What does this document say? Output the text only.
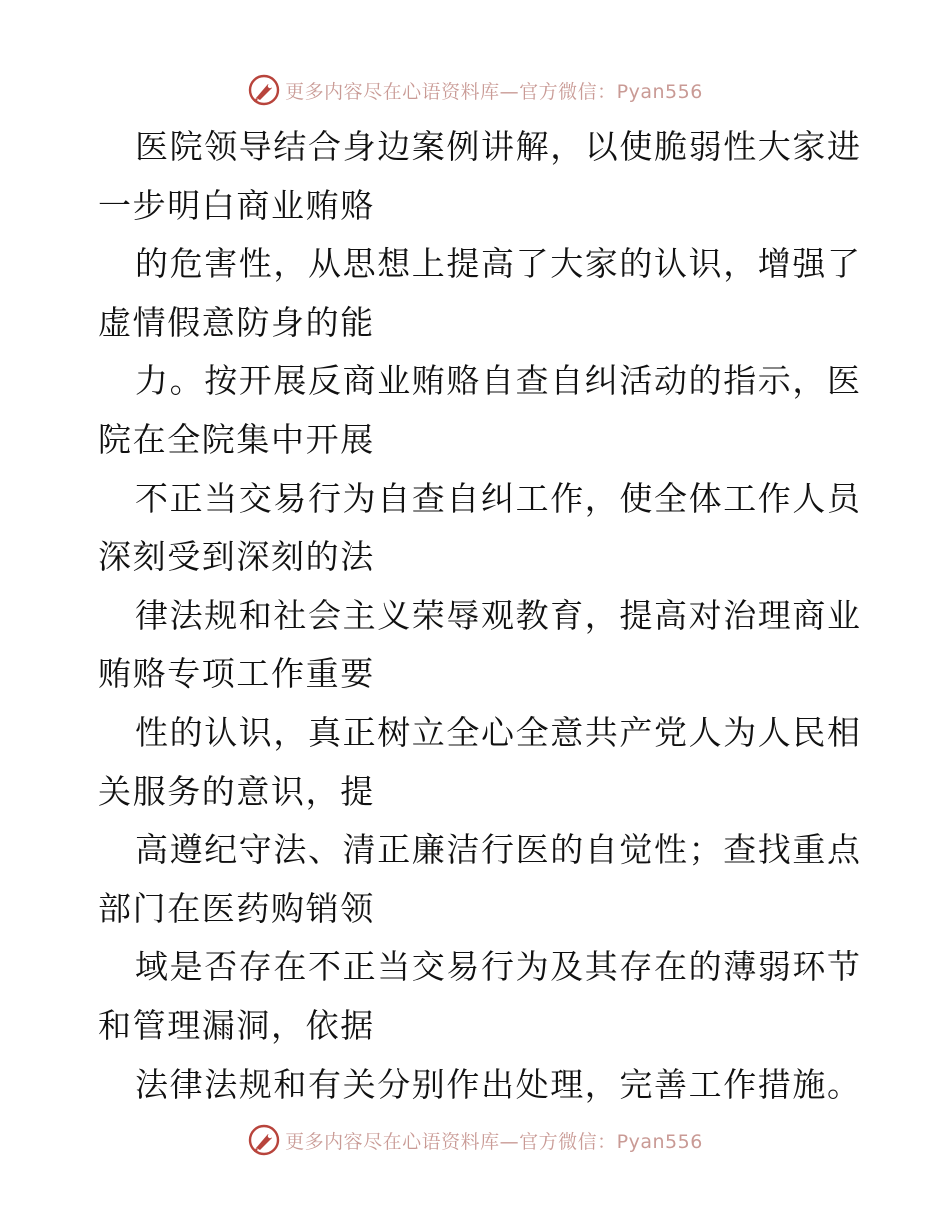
更多内容尽在心语资料库—官方微信：Pyan556
医院领导结合身边案例讲解，以使脆弱性大家进
一步明白商业贿赂
的危害性，从思想上提高了大家的认识，增强了
虚情假意防身的能
力。按开展反商业贿赂自查自纠活动的指示，医
院在全院集中开展
不正当交易行为自查自纠工作，使全体工作人员
深刻受到深刻的法
律法规和社会主义荣辱观教育，提高对治理商业
贿赂专项工作重要
性的认识，真正树立全心全意共产党人为人民相
关服务的意识，提
高遵纪守法、清正廉洁行医的自觉性；查找重点
部门在医药购销领
域是否存在不正当交易行为及其存在的薄弱环节
和管理漏洞，依据
法律法规和有关分别作出处理，完善工作措施。
更多内容尽在心语资料库—官方微信：Pyan556
